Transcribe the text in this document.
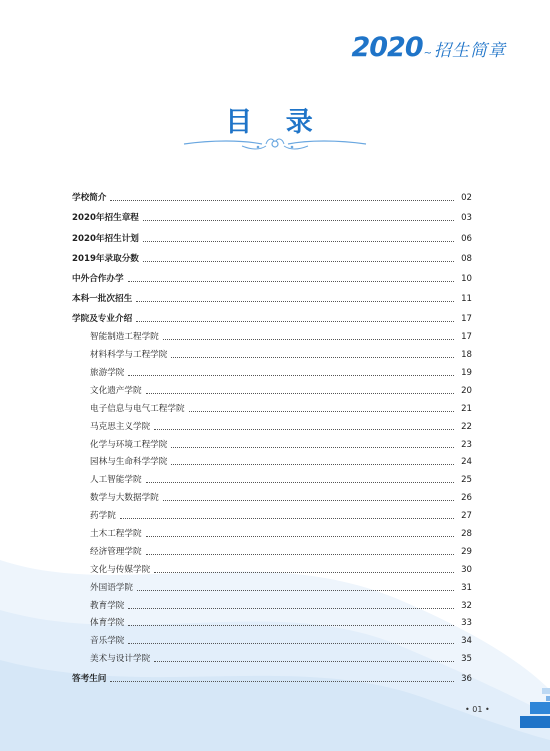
2020 ~ 招生简章
目 录
学校简介	02
2020年招生章程	03
2020年招生计划	06
2019年录取分数	08
中外合作办学	10
本科一批次招生	11
学院及专业介绍	17
智能制造工程学院	17
材料科学与工程学院	18
旅游学院	19
文化遗产学院	20
电子信息与电气工程学院	21
马克思主义学院	22
化学与环境工程学院	23
园林与生命科学学院	24
人工智能学院	25
数学与大数据学院	26
药学院	27
土木工程学院	28
经济管理学院	29
文化与传媒学院	30
外国语学院	31
教育学院	32
体育学院	33
音乐学院	34
美术与设计学院	35
答考生问	36
• 01 •
